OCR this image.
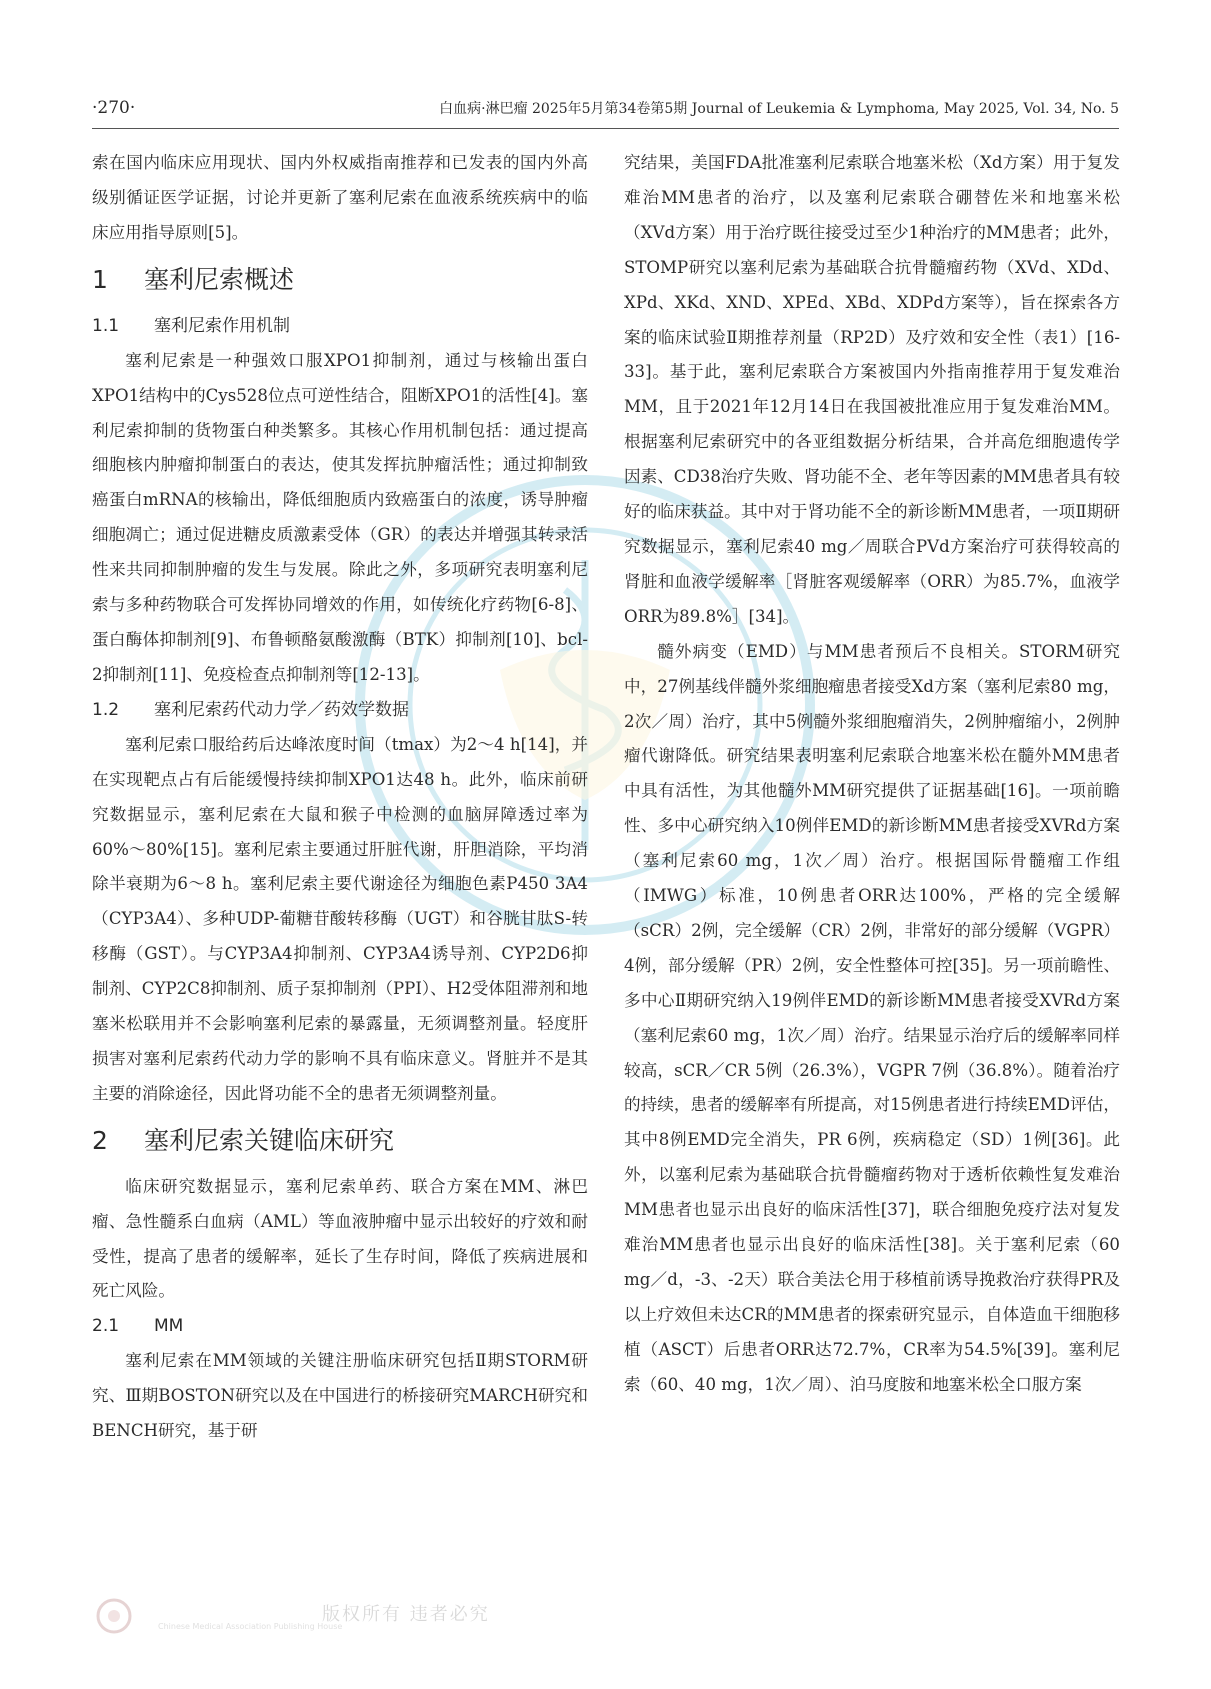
·270·	白血病·淋巴瘤 2025年5月第34卷第5期 Journal of Leukemia & Lymphoma, May 2025, Vol. 34, No. 5

索在国内临床应用现状、国内外权威指南推荐和已发表的国内外高级别循证医学证据，讨论并更新了塞利尼索在血液系统疾病中的临床应用指导原则[5]。

1 塞利尼索概述
1.1 塞利尼索作用机制

塞利尼索是一种强效口服XPO1抑制剂，通过与核输出蛋白XPO1结构中的Cys528位点可逆性结合，阻断XPO1的活性[4]。塞利尼索抑制的货物蛋白种类繁多。其核心作用机制包括：通过提高细胞核内肿瘤抑制蛋白的表达，使其发挥抗肿瘤活性；通过抑制致癌蛋白mRNA的核输出，降低细胞质内致癌蛋白的浓度，诱导肿瘤细胞凋亡；通过促进糖皮质激素受体（GR）的表达并增强其转录活性来共同抑制肿瘤的发生与发展。除此之外，多项研究表明塞利尼索与多种药物联合可发挥协同增效的作用，如传统化疗药物[6-8]、蛋白酶体抑制剂[9]、布鲁顿酪氨酸激酶（BTK）抑制剂[10]、bcl-2抑制剂[11]、免疫检查点抑制剂等[12-13]。

1.2 塞利尼索药代动力学／药效学数据

塞利尼索口服给药后达峰浓度时间（tmax）为2～4 h[14]，并在实现靶点占有后能缓慢持续抑制XPO1达48 h。此外，临床前研究数据显示，塞利尼索在大鼠和猴子中检测的血脑屏障透过率为60%～80%[15]。塞利尼索主要通过肝脏代谢，肝胆消除，平均消除半衰期为6～8 h。塞利尼索主要代谢途径为细胞色素P450 3A4（CYP3A4）、多种UDP-葡糖苷酸转移酶（UGT）和谷胱甘肽S-转移酶（GST）。与CYP3A4抑制剂、CYP3A4诱导剂、CYP2D6抑制剂、CYP2C8抑制剂、质子泵抑制剂（PPI）、H2受体阻滞剂和地塞米松联用并不会影响塞利尼索的暴露量，无须调整剂量。轻度肝损害对塞利尼索药代动力学的影响不具有临床意义。肾脏并不是其主要的消除途径，因此肾功能不全的患者无须调整剂量。

2 塞利尼索关键临床研究

临床研究数据显示，塞利尼索单药、联合方案在MM、淋巴瘤、急性髓系白血病（AML）等血液肿瘤中显示出较好的疗效和耐受性，提高了患者的缓解率，延长了生存时间，降低了疾病进展和死亡风险。

2.1 MM

塞利尼索在MM领域的关键注册临床研究包括Ⅱ期STORM研究、Ⅲ期BOSTON研究以及在中国进行的桥接研究MARCH研究和BENCH研究，基于研

究结果，美国FDA批准塞利尼索联合地塞米松（Xd方案）用于复发难治MM患者的治疗，以及塞利尼索联合硼替佐米和地塞米松（XVd方案）用于治疗既往接受过至少1种治疗的MM患者；此外，STOMP研究以塞利尼索为基础联合抗骨髓瘤药物（XVd、XDd、XPd、XKd、XND、XPEd、XBd、XDPd方案等），旨在探索各方案的临床试验Ⅱ期推荐剂量（RP2D）及疗效和安全性（表1）[16-33]。基于此，塞利尼索联合方案被国内外指南推荐用于复发难治MM，且于2021年12月14日在我国被批准应用于复发难治MM。根据塞利尼索研究中的各亚组数据分析结果，合并高危细胞遗传学因素、CD38治疗失败、肾功能不全、老年等因素的MM患者具有较好的临床获益。其中对于肾功能不全的新诊断MM患者，一项Ⅱ期研究数据显示，塞利尼索40 mg／周联合PVd方案治疗可获得较高的肾脏和血液学缓解率［肾脏客观缓解率（ORR）为85.7%，血液学ORR为89.8%］[34]。

髓外病变（EMD）与MM患者预后不良相关。STORM研究中，27例基线伴髓外浆细胞瘤患者接受Xd方案（塞利尼索80 mg，2次／周）治疗，其中5例髓外浆细胞瘤消失，2例肿瘤缩小，2例肿瘤代谢降低。研究结果表明塞利尼索联合地塞米松在髓外MM患者中具有活性，为其他髓外MM研究提供了证据基础[16]。一项前瞻性、多中心研究纳入10例伴EMD的新诊断MM患者接受XVRd方案（塞利尼索60 mg，1次／周）治疗。根据国际骨髓瘤工作组（IMWG）标准，10例患者ORR达100%，严格的完全缓解（sCR）2例，完全缓解（CR）2例，非常好的部分缓解（VGPR）4例，部分缓解（PR）2例，安全性整体可控[35]。另一项前瞻性、多中心Ⅱ期研究纳入19例伴EMD的新诊断MM患者接受XVRd方案（塞利尼索60 mg，1次／周）治疗。结果显示治疗后的缓解率同样较高，sCR／CR 5例（26.3%），VGPR 7例（36.8%）。随着治疗的持续，患者的缓解率有所提高，对15例患者进行持续EMD评估，其中8例EMD完全消失，PR 6例，疾病稳定（SD）1例[36]。此外，以塞利尼索为基础联合抗骨髓瘤药物对于透析依赖性复发难治MM患者也显示出良好的临床活性[37]，联合细胞免疫疗法对复发难治MM患者也显示出良好的临床活性[38]。关于塞利尼索（60 mg／d，-3、-2天）联合美法仑用于移植前诱导挽救治疗获得PR及以上疗效但未达CR的MM患者的探索研究显示，自体造血干细胞移植（ASCT）后患者ORR达72.7%，CR率为54.5%[39]。塞利尼索（60、40 mg，1次／周）、泊马度胺和地塞米松全口服方案

版权所有 违者必究
Chinese Medical Association Publishing House
